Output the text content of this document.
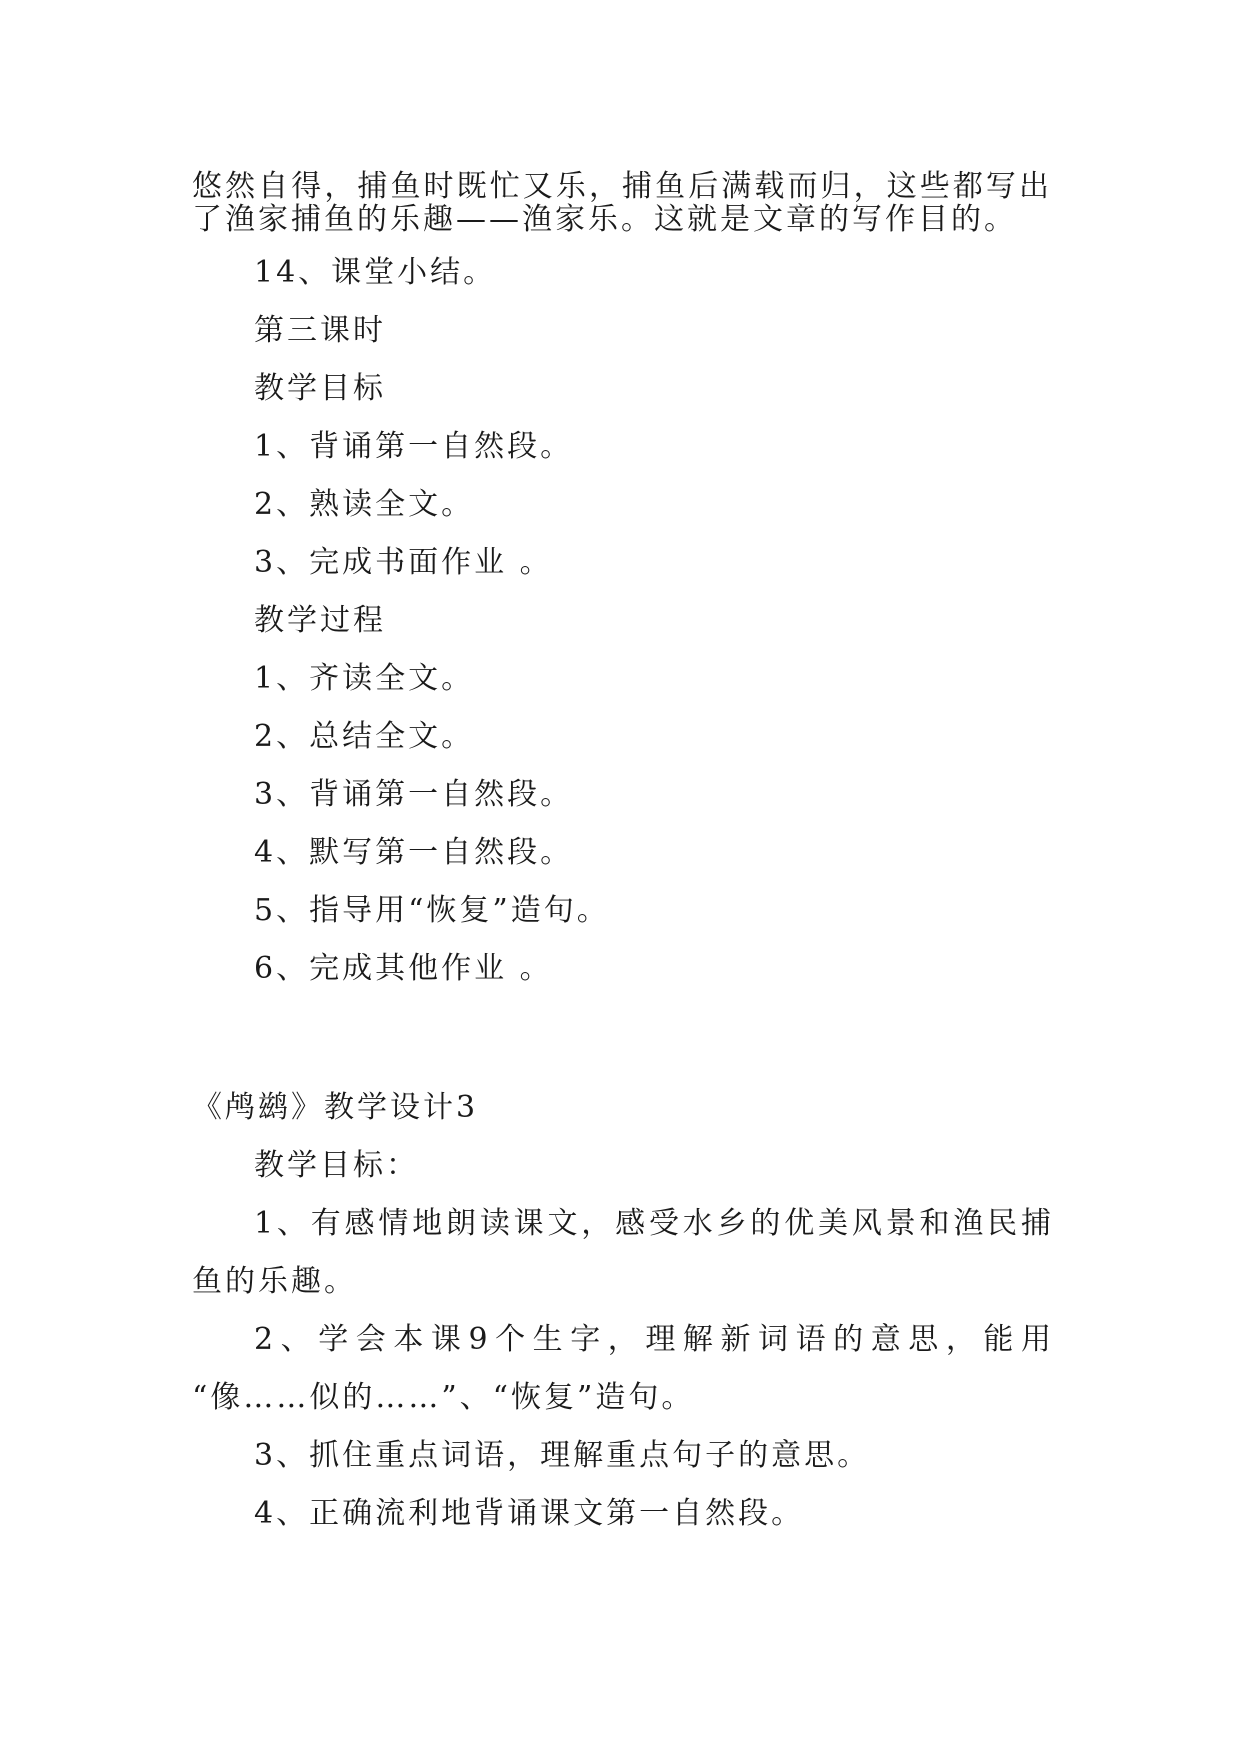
悠然自得，捕鱼时既忙又乐，捕鱼后满载而归，这些都写出
了渔家捕鱼的乐趣——渔家乐。这就是文章的写作目的。
14、课堂小结。
第三课时
教学目标
1、背诵第一自然段。
2、熟读全文。
3、完成书面作业 。
教学过程
1、齐读全文。
2、总结全文。
3、背诵第一自然段。
4、默写第一自然段。
5、指导用“恢复”造句。
6、完成其他作业 。
《鸬鹚》教学设计3
教学目标：
1、有感情地朗读课文，感受水乡的优美风景和渔民捕
鱼的乐趣。
2、学会本课9个生字，理解新词语的意思，能用
“像……似的……”、“恢复”造句。
3、抓住重点词语，理解重点句子的意思。
4、正确流利地背诵课文第一自然段。
